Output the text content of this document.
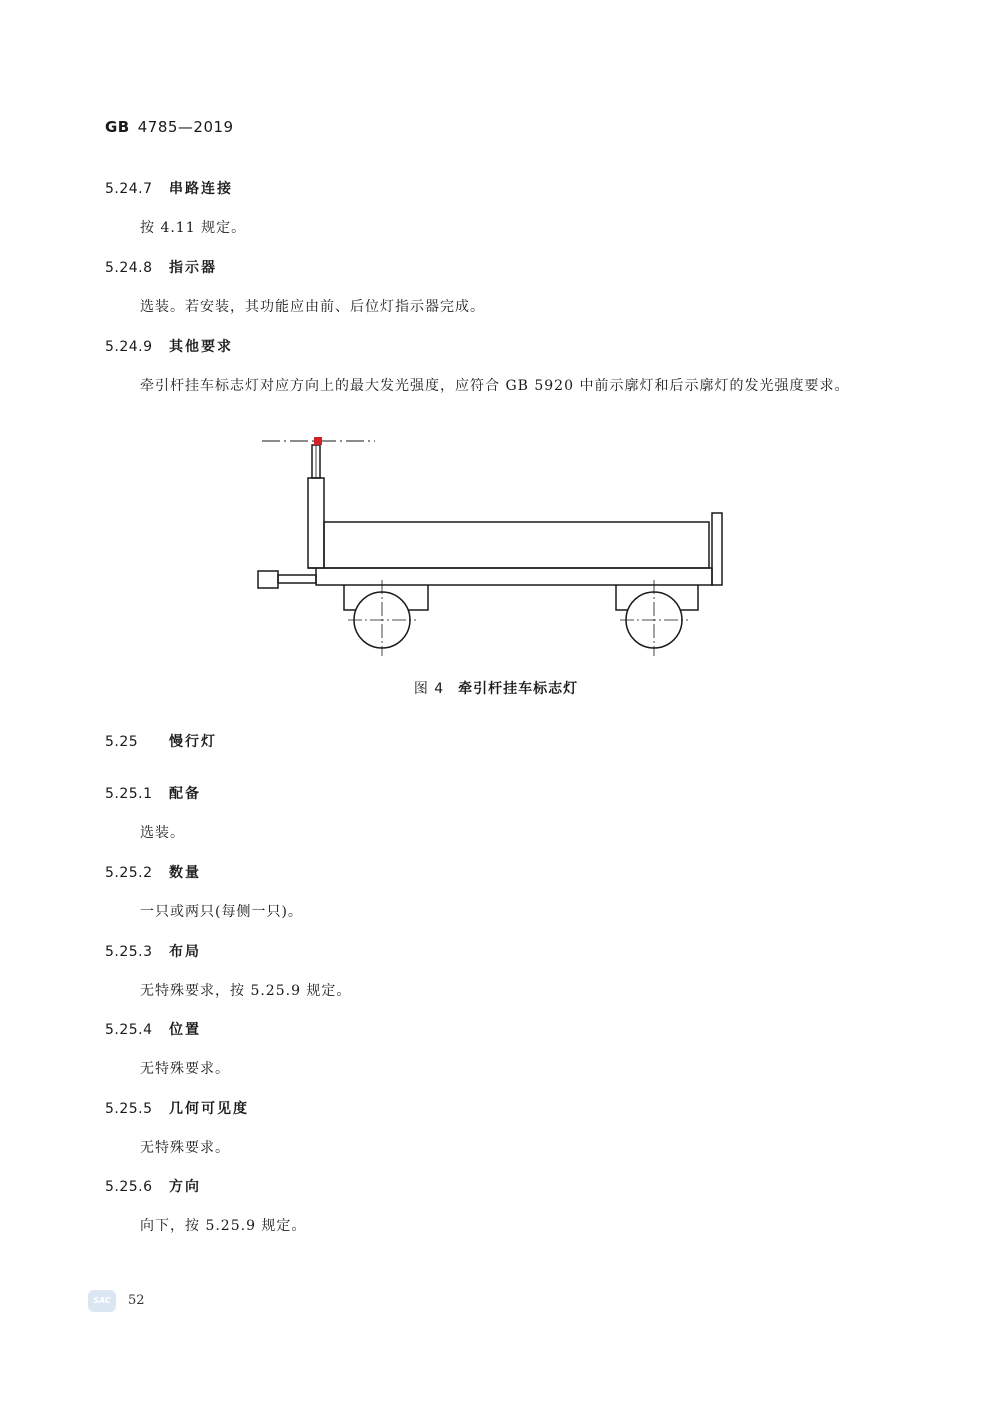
GB 4785—2019
5.24.7 串路连接
按 4.11 规定。
5.24.8 指示器
选装。若安装，其功能应由前、后位灯指示器完成。
5.24.9 其他要求
牵引杆挂车标志灯对应方向上的最大发光强度，应符合 GB 5920 中前示廓灯和后示廓灯的发光强度要求。
图 4 牵引杆挂车标志灯
5.25 慢行灯
5.25.1 配备
选装。
5.25.2 数量
一只或两只(每侧一只)。
5.25.3 布局
无特殊要求，按 5.25.9 规定。
5.25.4 位置
无特殊要求。
5.25.5 几何可见度
无特殊要求。
5.25.6 方向
向下，按 5.25.9 规定。
SAC	52
